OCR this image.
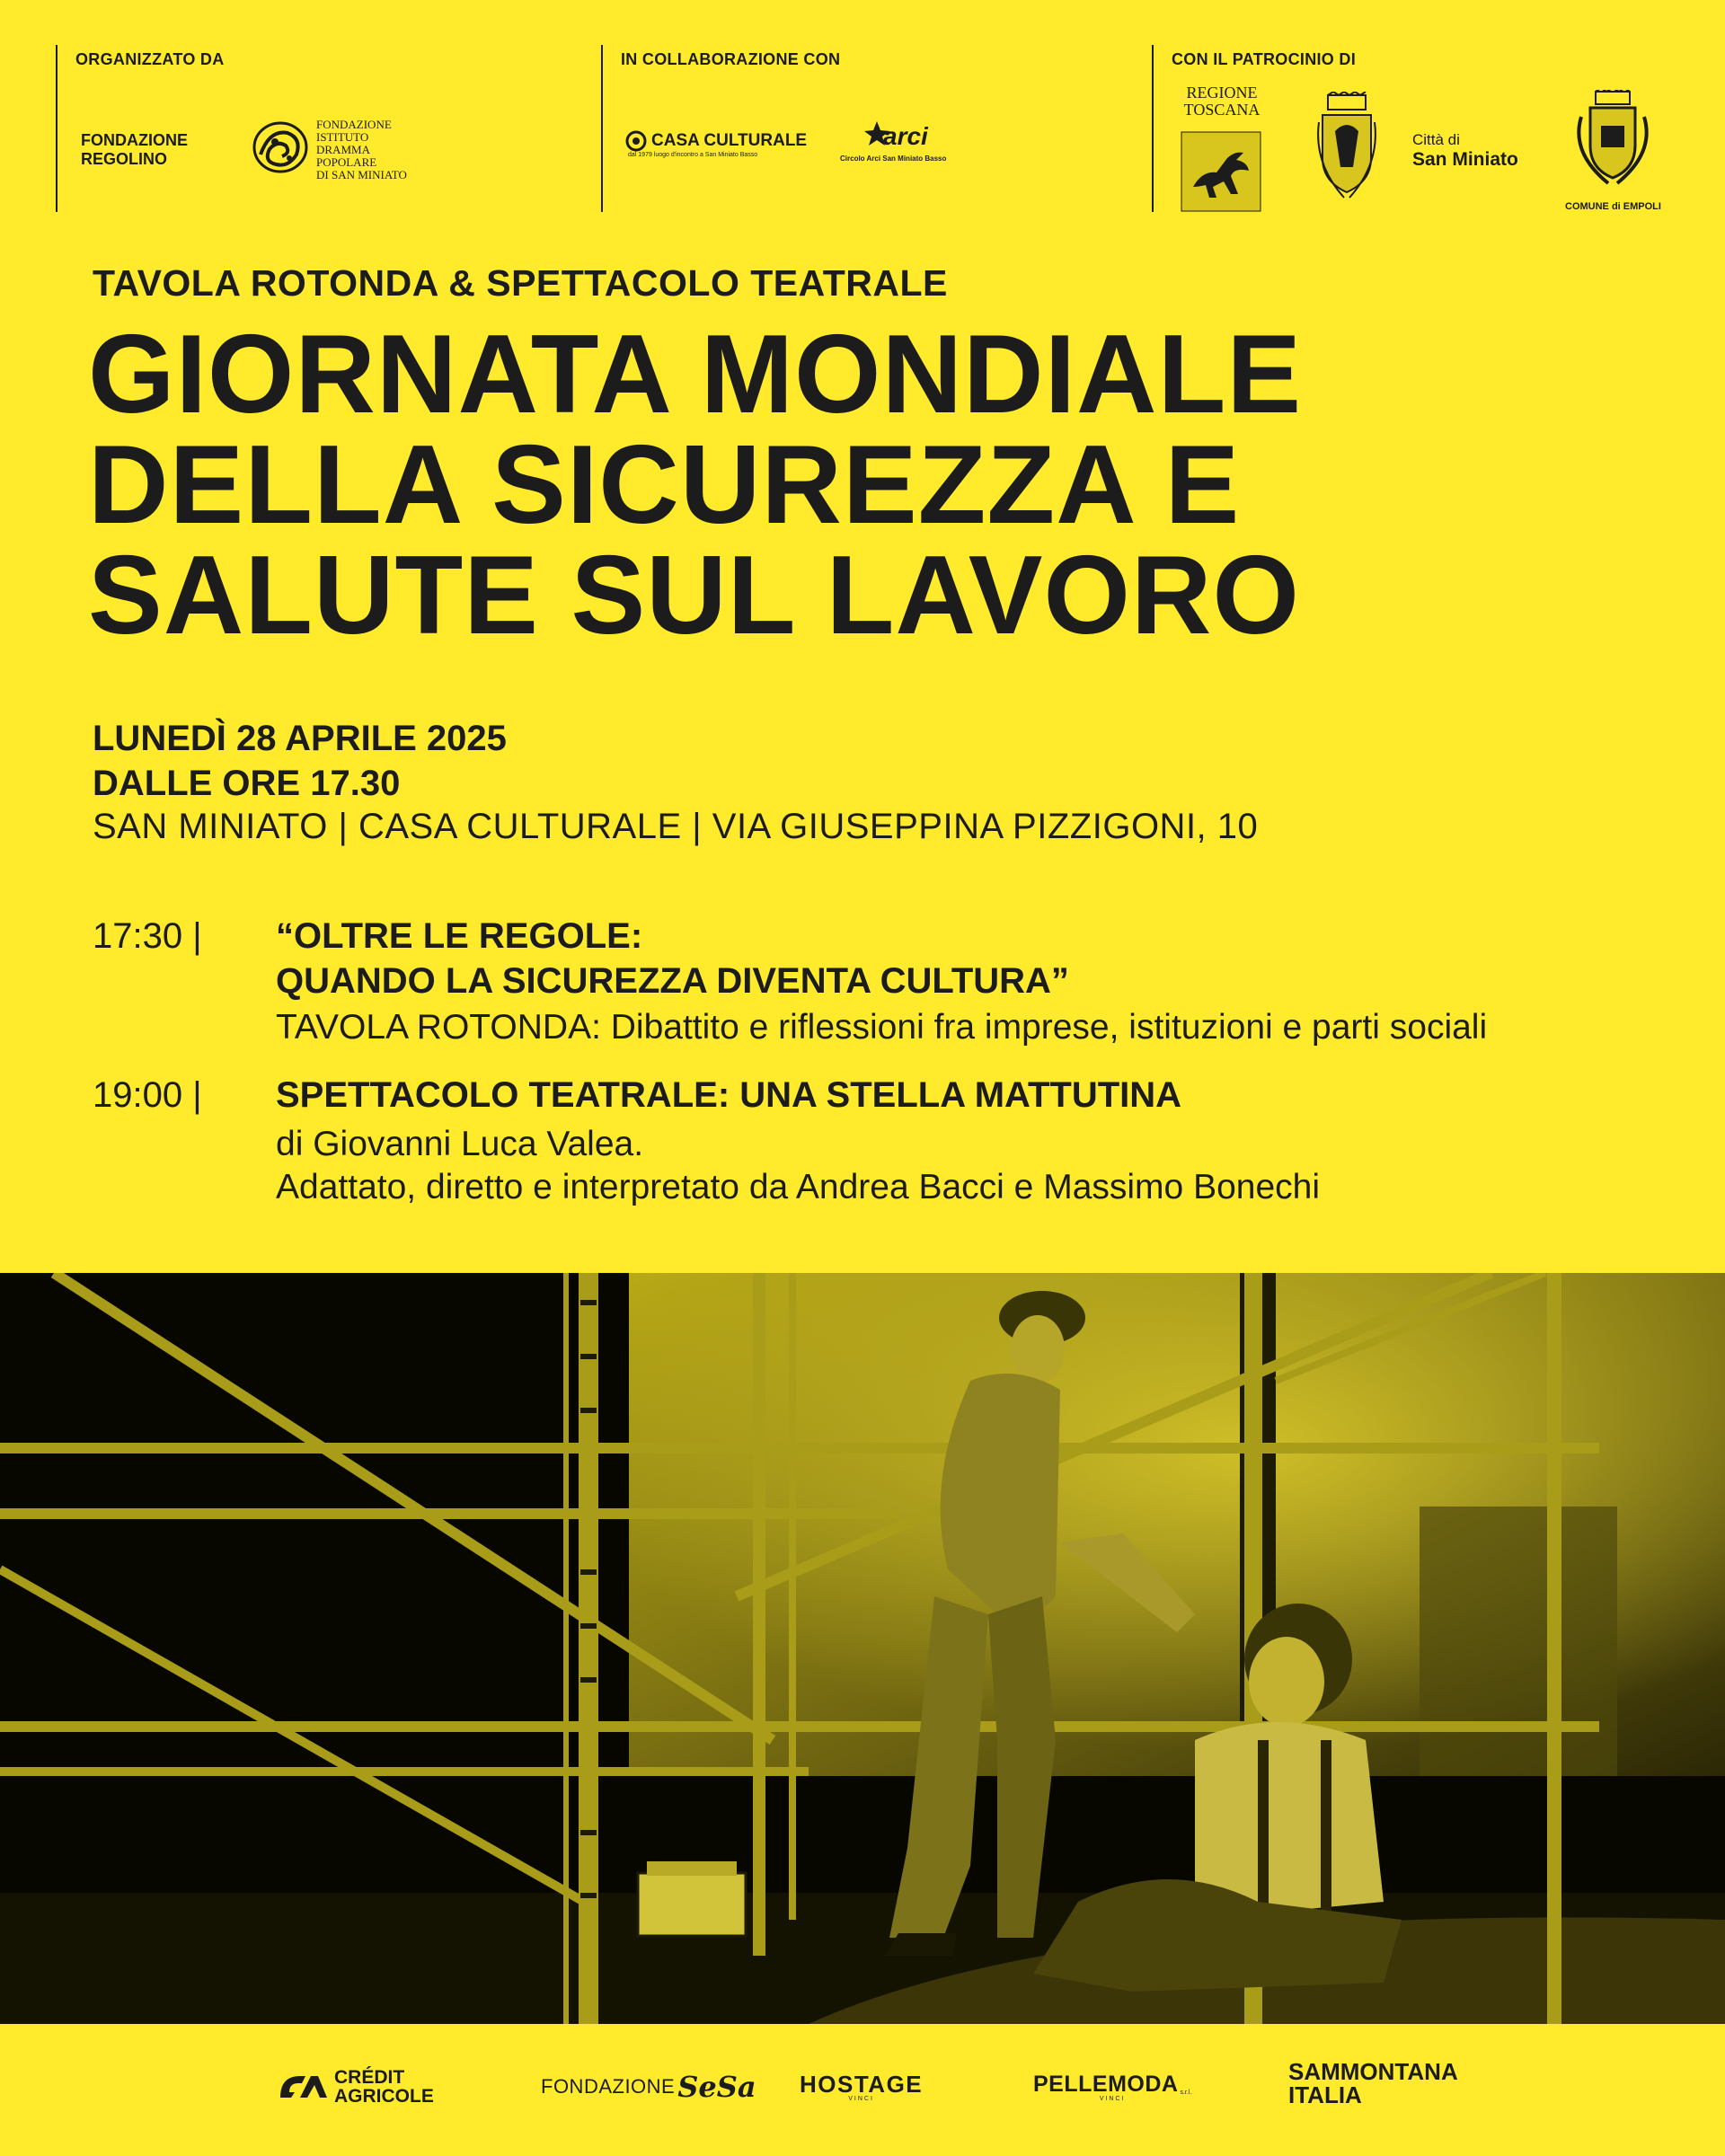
ORGANIZZATO DA
FONDAZIONE
REGOLINO
FONDAZIONE
ISTITUTO
DRAMMA
POPOLARE
DI SAN MINIATO
IN COLLABORAZIONE CON
CASA CULTURALE
dal 1979 luogo d'incontro a San Miniato Basso
arci
Circolo Arci San Miniato Basso
CON IL PATROCINIO DI
REGIONE
TOSCANA
Città di
San Miniato
COMUNE di EMPOLI
TAVOLA ROTONDA & SPETTACOLO TEATRALE
GIORNATA MONDIALE
DELLA SICUREZZA E
SALUTE SUL LAVORO
LUNEDÌ 28 APRILE 2025
DALLE ORE 17.30
SAN MINIATO | CASA CULTURALE | VIA GIUSEPPINA PIZZIGONI, 10
17:30 | “OLTRE LE REGOLE:
QUANDO LA SICUREZZA DIVENTA CULTURA”
TAVOLA ROTONDA: Dibattito e riflessioni fra imprese, istituzioni e parti sociali
19:00 | SPETTACOLO TEATRALE: UNA STELLA MATTUTINA
di Giovanni Luca Valea.
Adattato, diretto e interpretato da Andrea Bacci e Massimo Bonechi
CRÉDIT
AGRICOLE	FONDAZIONE SeSa HOSTAGE
VINCI
PELLEMODA s.r.l.
VINCI
SAMMONTANA
ITALIA
